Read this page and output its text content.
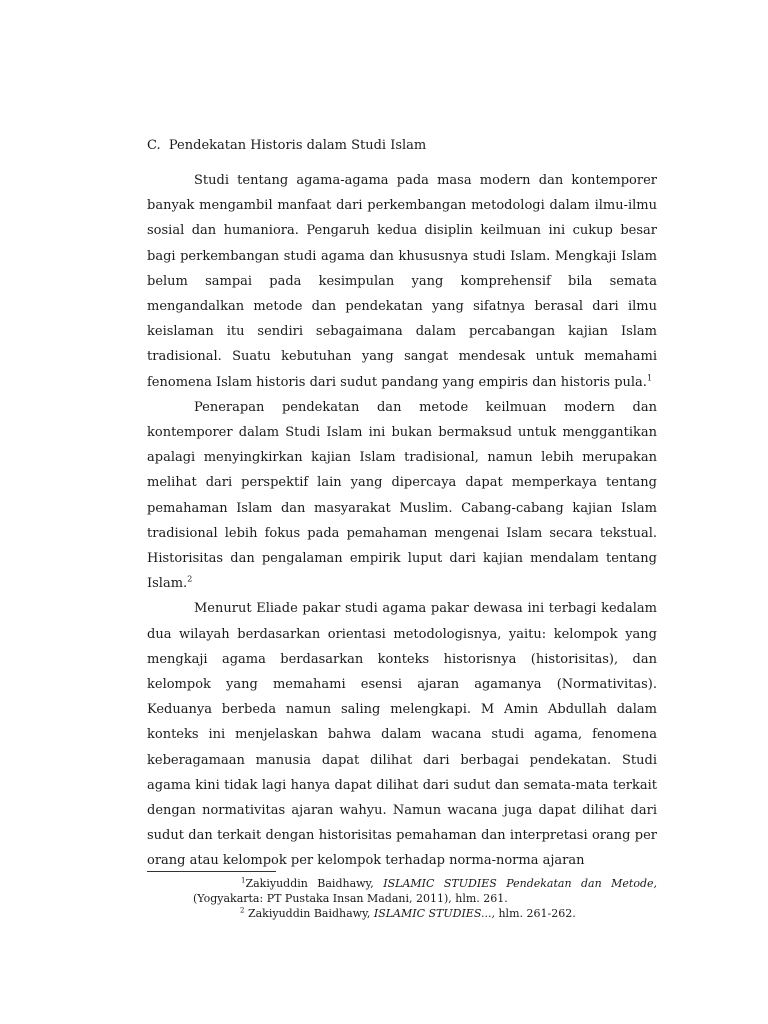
C. Pendekatan Historis dalam Studi Islam

Studi tentang agama-agama pada masa modern dan kontemporer banyak mengambil manfaat dari perkembangan metodologi dalam ilmu-ilmu sosial dan humaniora. Pengaruh kedua disiplin keilmuan ini cukup besar bagi perkembangan studi agama dan khususnya studi Islam. Mengkaji Islam belum sampai pada kesimpulan yang komprehensif bila semata mengandalkan metode dan pendekatan yang sifatnya berasal dari ilmu keislaman itu sendiri sebagaimana dalam percabangan kajian Islam tradisional. Suatu kebutuhan yang sangat mendesak untuk memahami fenomena Islam historis dari sudut pandang yang empiris dan historis pula.$^1$

Penerapan pendekatan dan metode keilmuan modern dan kontemporer dalam Studi Islam ini bukan bermaksud untuk menggantikan apalagi menyingkirkan kajian Islam tradisional, namun lebih merupakan melihat dari perspektif lain yang dipercaya dapat memperkaya tentang pemahaman Islam dan masyarakat Muslim. Cabang-cabang kajian Islam tradisional lebih fokus pada pemahaman mengenai Islam secara tekstual. Historisitas dan pengalaman empirik luput dari kajian mendalam tentang Islam.$^2$

Menurut Eliade pakar studi agama pakar dewasa ini terbagi kedalam dua wilayah berdasarkan orientasi metodologisnya, yaitu: kelompok yang mengkaji agama berdasarkan konteks historisnya (historisitas), dan kelompok yang memahami esensi ajaran agamanya (Normativitas). Keduanya berbeda namun saling melengkapi. M Amin Abdullah dalam konteks ini menjelaskan bahwa dalam wacana studi agama, fenomena keberagamaan manusia dapat dilihat dari berbagai pendekatan. Studi agama kini tidak lagi hanya dapat dilihat dari sudut dan semata-mata terkait dengan normativitas ajaran wahyu. Namun wacana juga dapat dilihat dari sudut dan terkait dengan historisitas pemahaman dan interpretasi orang per orang atau kelompok per kelompok terhadap norma-norma ajaran

$^1$Zakiyuddin Baidhawy, ISLAMIC STUDIES Pendekatan dan Metode,
(Yogyakarta: PT Pustaka Insan Madani, 2011), hlm. 261.
$^2$ Zakiyuddin Baidhawy, ISLAMIC STUDIES..., hlm. 261-262.
